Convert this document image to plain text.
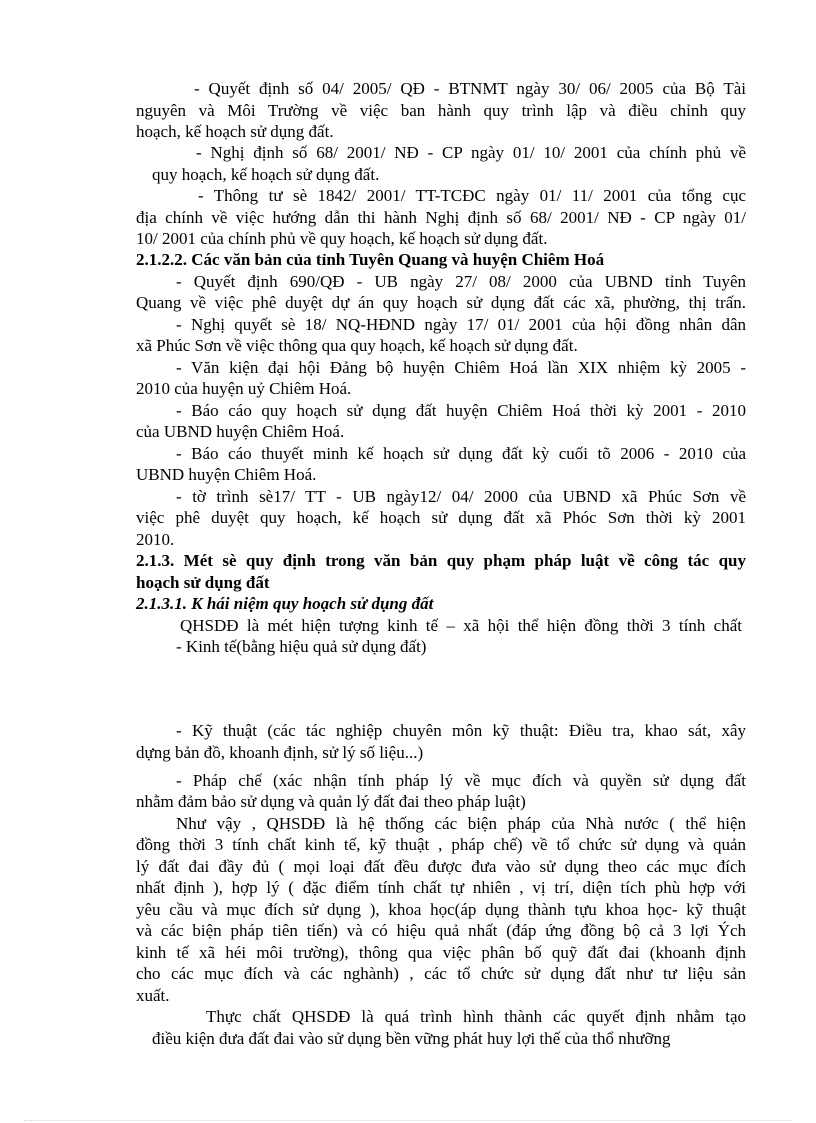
- Quyết định số 04/ 2005/ QĐ - BTNMT ngày 30/ 06/ 2005 của Bộ Tài
nguyên và Môi Trường về việc ban hành quy trình lập và điều chỉnh quy
hoạch, kế hoạch sử dụng đất.
- Nghị định số 68/ 2001/ NĐ - CP ngày 01/ 10/ 2001 của chính phủ về
quy hoạch, kế hoạch sử dụng đất.
- Thông tư sè 1842/ 2001/ TT-TCĐC ngày 01/ 11/ 2001 của tổng cục
địa chính về việc hướng dẫn thi hành Nghị định số 68/ 2001/ NĐ - CP ngày 01/
10/ 2001 của chính phủ về quy hoạch, kế hoạch sử dụng đất.
2.1.2.2. Các văn bản của tỉnh Tuyên Quang và huyện Chiêm Hoá
- Quyết định 690/QĐ - UB ngày 27/ 08/ 2000 của UBND tỉnh Tuyên
Quang về việc phê duyệt dự án quy hoạch sử dụng đất các xã, phường, thị trấn.
- Nghị quyết sè 18/ NQ-HĐND ngày 17/ 01/ 2001 của hội đồng nhân dân
xã Phúc Sơn về việc thông qua quy hoạch, kế hoạch sử dụng đất.
- Văn kiện đại hội Đảng bộ huyện Chiêm Hoá lần XIX nhiệm kỳ 2005 -
2010 của huyện uỷ Chiêm Hoá.
- Báo cáo quy hoạch sử dụng đất huyện Chiêm Hoá thời kỳ 2001 - 2010
của UBND huyện Chiêm Hoá.
- Báo cáo thuyết minh kế hoạch sử dụng đất kỳ cuối tõ 2006 - 2010 của
UBND huyện Chiêm Hoá.
- tờ trình sè17/ TT - UB ngày12/ 04/ 2000 của UBND xã Phúc Sơn về
việc phê duyệt quy hoạch, kế hoạch sử dụng đất xã Phóc Sơn thời kỳ 2001
2010.
2.1.3. Mét sè quy định trong văn bản quy phạm pháp luật về công tác quy
hoạch sử dụng đất
2.1.3.1. K hái niệm quy hoạch sử dụng đất
QHSDĐ là mét hiện tượng kinh tế – xã hội thể hiện đồng thời 3 tính chất
- Kinh tế(bằng hiệu quả sử dụng đất)
- Kỹ thuật (các tác nghiệp chuyên môn kỹ thuật: Điều tra, khao sát, xây
dựng bản đồ, khoanh định, sử lý số liệu...)
- Pháp chế (xác nhận tính pháp lý về mục đích và quyền sử dụng đất
nhằm đảm bảo sử dụng và quản lý đất đai theo pháp luật)
Như vậy , QHSDĐ là hệ thống các biện pháp của Nhà nước ( thể hiện
đồng thời 3 tính chất kinh tế, kỹ thuật , pháp chế) về tổ chức sử dụng và quản
lý đất đai đầy đủ ( mọi loại đất đều được đưa vào sử dụng theo các mục đích
nhất định ), hợp lý ( đặc điểm tính chất tự nhiên , vị trí, diện tích phù hợp với
yêu cầu và mục đích sử dụng ), khoa học(áp dụng thành tựu khoa học- kỹ thuật
và các biện pháp tiên tiến) và có hiệu quả nhất (đáp ứng đồng bộ cả 3 lợi Ých
kinh tế xã héi môi trường), thông qua việc phân bố quỹ đất đai (khoanh định
cho các mục đích và các nghành) , các tổ chức sử dụng đất như tư liệu sản
xuất.
Thực chất QHSDĐ là quá trình hình thành các quyết định nhằm tạo
điều kiện đưa đất đai vào sử dụng bền vững phát huy lợi thế của thổ nhưỡng
